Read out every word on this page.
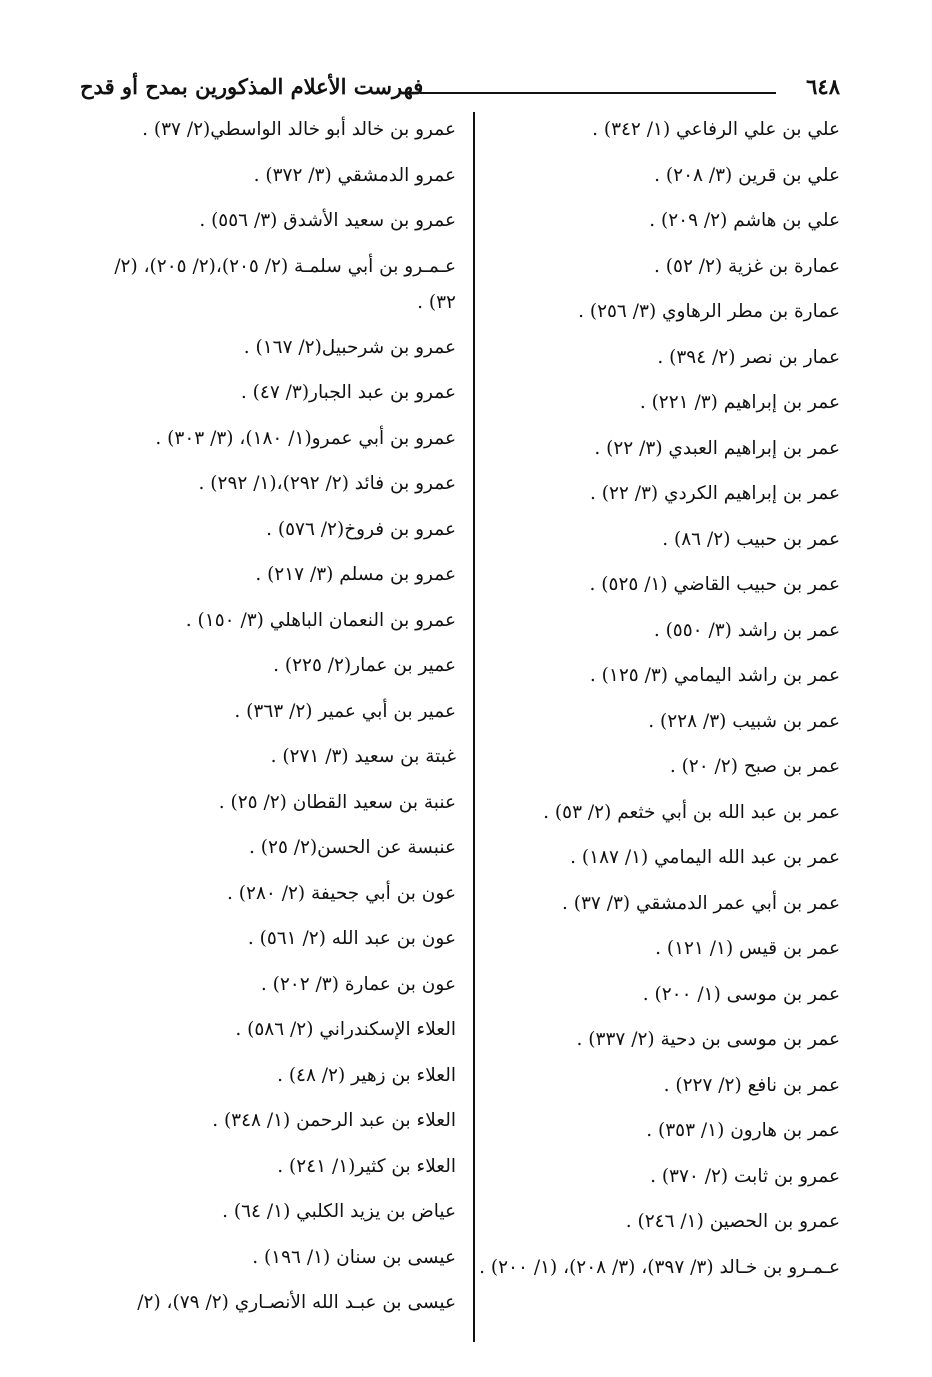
٦٤٨
فهرست الأعلام المذكورين بمدح أو قدح
علي بن علي الرفاعي (١/ ٣٤٢) .
علي بن قرين (٣/ ٢٠٨) .
علي بن هاشم (٢/ ٢٠٩) .
عمارة بن غزية (٢/ ٥٢) .
عمارة بن مطر الرهاوي (٣/ ٢٥٦) .
عمار بن نصر (٢/ ٣٩٤) .
عمر بن إبراهيم (٣/ ٢٢١) .
عمر بن إبراهيم العبدي (٣/ ٢٢) .
عمر بن إبراهيم الكردي (٣/ ٢٢) .
عمر بن حبيب (٢/ ٨٦) .
عمر بن حبيب القاضي (١/ ٥٢٥) .
عمر بن راشد (٣/ ٥٥٠) .
عمر بن راشد اليمامي (٣/ ١٢٥) .
عمر بن شبيب (٣/ ٢٢٨) .
عمر بن صبح (٢/ ٢٠) .
عمر بن عبد الله بن أبي خثعم (٢/ ٥٣) .
عمر بن عبد الله اليمامي (١/ ١٨٧) .
عمر بن أبي عمر الدمشقي (٣/ ٣٧) .
عمر بن قيس (١/ ١٢١) .
عمر بن موسى (١/ ٢٠٠) .
عمر بن موسى بن دحية (٢/ ٣٣٧) .
عمر بن نافع (٢/ ٢٢٧) .
عمر بن هارون (١/ ٣٥٣) .
عمرو بن ثابت (٢/ ٣٧٠) .
عمرو بن الحصين (١/ ٢٤٦) .
عـمـرو بن خـالد (٣/ ٣٩٧)، (٣/ ٢٠٨)، (١/ ٢٠٠) .
عمرو بن خالد أبو خالد الواسطي(٢/ ٣٧) .
عمرو الدمشقي (٣/ ٣٧٢) .
عمرو بن سعيد الأشدق (٣/ ٥٥٦) .
عـمـرو بن أبي سلمـة (٢/ ٢٠٥)،(٢/ ٢٠٥)، (٢/ ٣٢) .
عمرو بن شرحبيل(٢/ ١٦٧) .
عمرو بن عبد الجبار(٣/ ٤٧) .
عمرو بن أبي عمرو(١/ ١٨٠)، (٣/ ٣٠٣) .
عمرو بن فائد (٢/ ٢٩٢)،(١/ ٢٩٢) .
عمرو بن فروخ(٢/ ٥٧٦) .
عمرو بن مسلم (٣/ ٢١٧) .
عمرو بن النعمان الباهلي (٣/ ١٥٠) .
عمير بن عمار(٢/ ٢٢٥) .
عمير بن أبي عمير (٢/ ٣٦٣) .
غبتة بن سعيد (٣/ ٢٧١) .
عنبة بن سعيد القطان (٢/ ٢٥) .
عنبسة عن الحسن(٢/ ٢٥) .
عون بن أبي جحيفة (٢/ ٢٨٠) .
عون بن عبد الله (٢/ ٥٦١) .
عون بن عمارة (٣/ ٢٠٢) .
العلاء الإسكندراني (٢/ ٥٨٦) .
العلاء بن زهير (٢/ ٤٨) .
العلاء بن عبد الرحمن (١/ ٣٤٨) .
العلاء بن كثير(١/ ٢٤١) .
عياض بن يزيد الكلبي (١/ ٦٤) .
عيسى بن سنان (١/ ١٩٦) .
عيسى بن عبـد الله الأنصـاري (٢/ ٧٩)، (٢/
